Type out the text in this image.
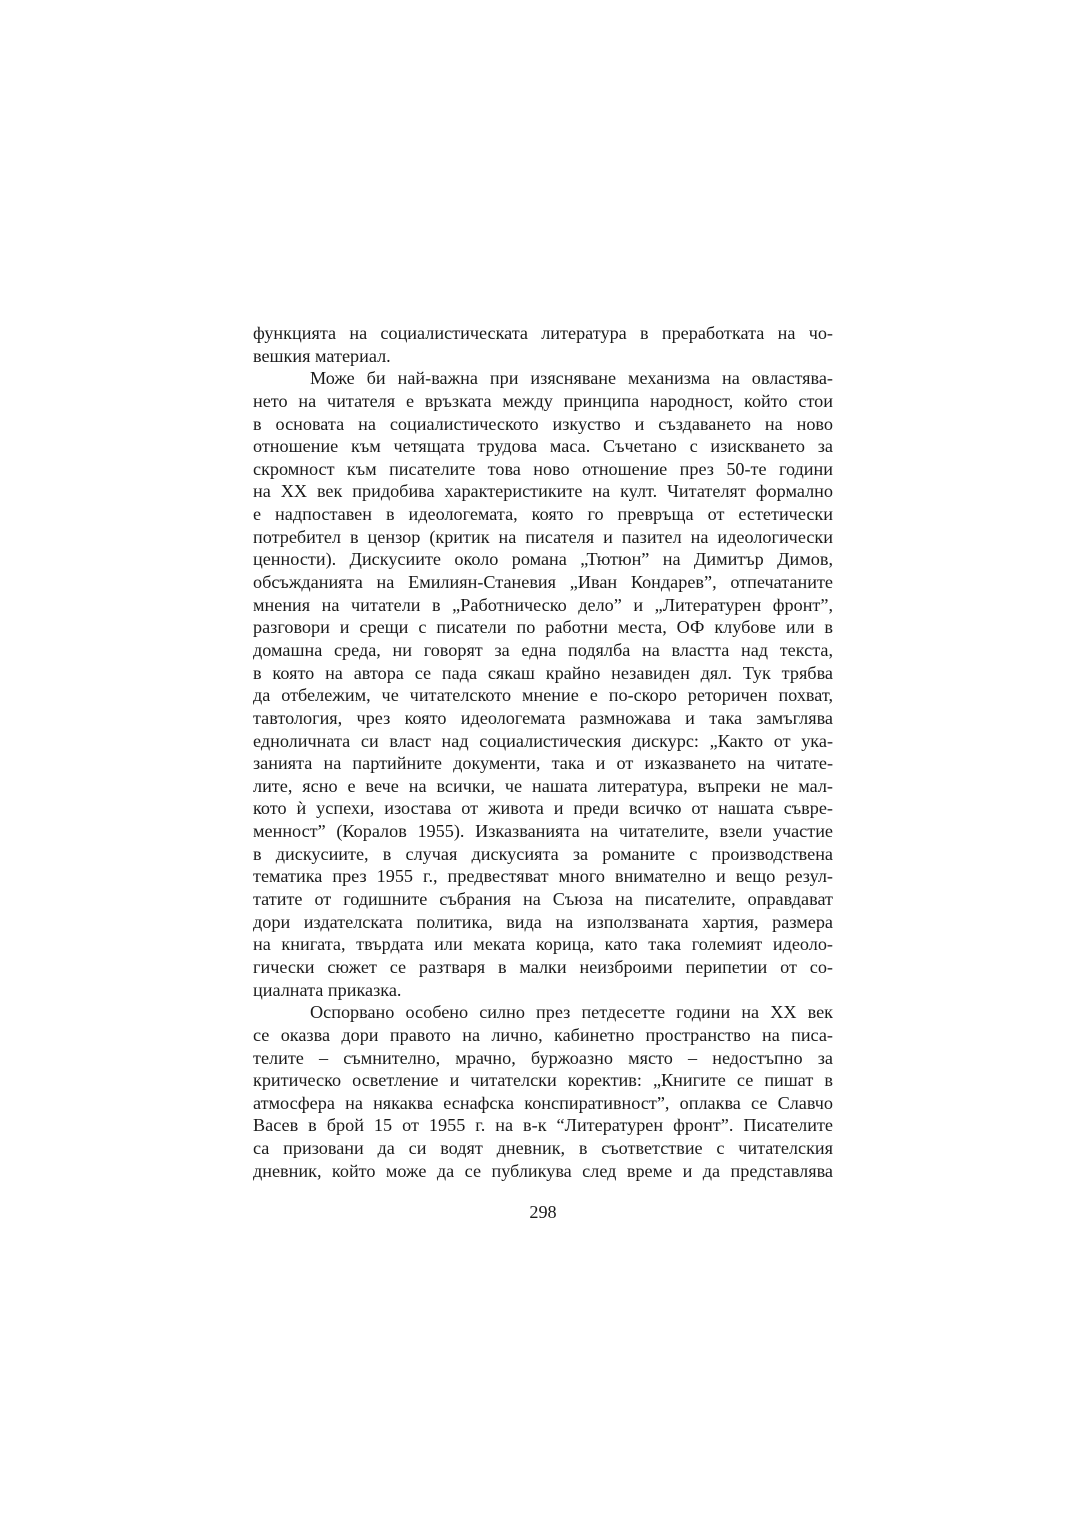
функцията на социалистическата литература в преработката на чо-
вешкия материал.
Може би най-важна при изясняване механизма на овластява-
нето на читателя е връзката между принципа народност, който стои
в основата на социалистическото изкуство и създаването на ново
отношение към четящата трудова маса. Съчетано с изискването за
скромност към писателите това ново отношение през 50-те години
на XX век придобива характеристиките на култ. Читателят формално
е надпоставен в идеологемата, която го превръща от естетически
потребител в цензор (критик на писателя и пазител на идеологически
ценности). Дискусиите около романа „Тютюн” на Димитър Димов,
обсъжданията на Емилиян-Станевия „Иван Кондарев”, отпечатаните
мнения на читатели в „Работническо дело” и „Литературен фронт”,
разговори и срещи с писатели по работни места, ОФ клубове или в
домашна среда, ни говорят за една подялба на властта над текста,
в която на автора се пада сякаш крайно незавиден дял. Тук трябва
да отбележим, че читателското мнение е по-скоро реторичен похват,
тавтология, чрез която идеологемата размножава и така замъглява
едноличната си власт над социалистическия дискурс: „Както от ука-
занията на партийните документи, така и от изказването на читате-
лите, ясно е вече на всички, че нашата литература, въпреки не мал-
кото ѝ успехи, изостава от живота и преди всичко от нашата съвре-
менност” (Коралов 1955). Изказванията на читателите, взели участие
в дискусиите, в случая дискусията за романите с производствена
тематика през 1955 г., предвестяват много внимателно и вещо резул-
татите от годишните събрания на Съюза на писателите, оправдават
дори издателската политика, вида на използваната хартия, размера
на книгата, твърдата или меката корица, като така големият идеоло-
гически сюжет се разтваря в малки неизброими перипетии от со-
циалната приказка.
Оспорвано особено силно през петдесетте години на XX век
се оказва дори правото на лично, кабинетно пространство на писа-
телите – съмнително, мрачно, буржоазно място – недостъпно за
критическо осветление и читателски коректив: „Книгите се пишат в
атмосфера на някаква еснафска конспиративност”, оплаква се Славчо
Васев в брой 15 от 1955 г. на в-к “Литературен фронт”. Писателите
са призовани да си водят дневник, в съответствие с читателския
дневник, който може да се публикува след време и да представлява
298
